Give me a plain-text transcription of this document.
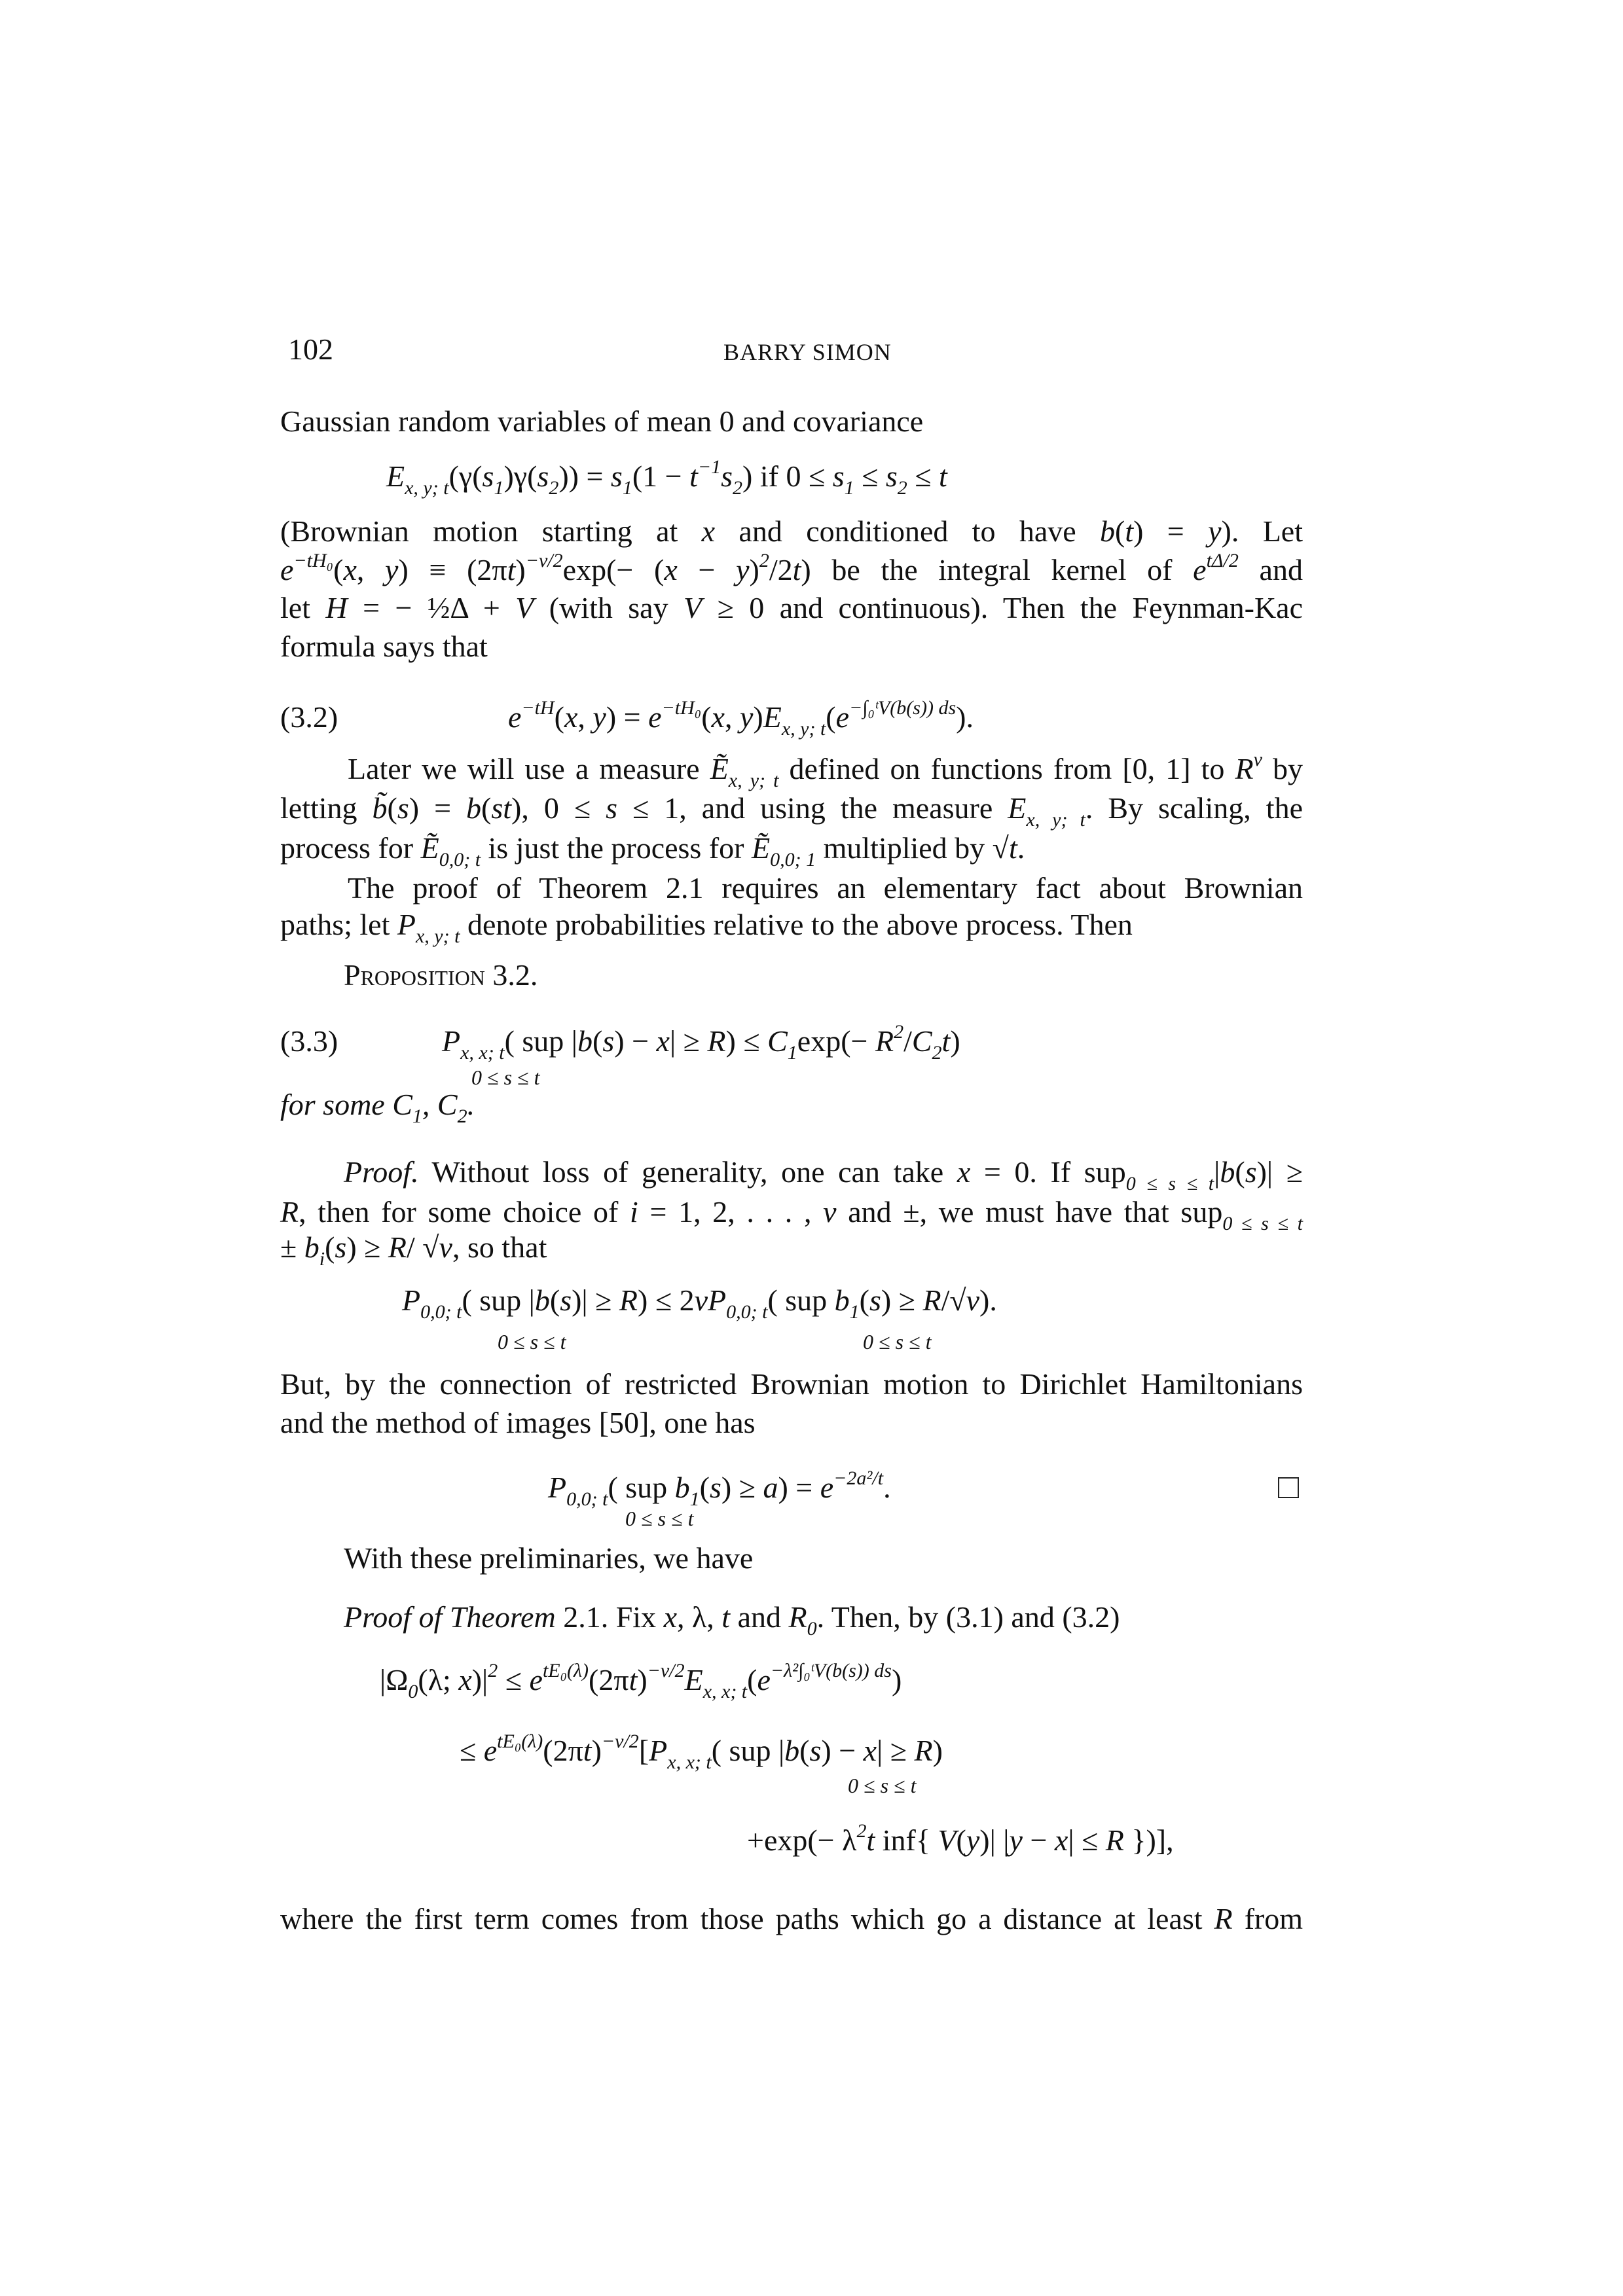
102	BARRY SIMON
Gaussian random variables of mean 0 and covariance
$E_{x, y; t}(\gamma(s_1)\gamma(s_2)) = s_1(1 - t^{-1}s_2)$ if $0 \le s_1 \le s_2 \le t$
(Brownian motion starting at x and conditioned to have b(t) = y). Let
$e^{-tH_0}(x$, $y) \equiv (2\pi t)^{-\nu/2}\exp(- (x - y)^2/2t)$ be the integral kernel of $e^{t\Delta/2}$ and
let H = − ½Δ + V (with say V ≥ 0 and continuous). Then the Feynman-Kac
formula says that
(3.2)	$e^{-tH}(x$, $y) = e^{-tH_0}(x$, $y)E_{x, y; t}(e^{-\int_0ᵗV(b(s)) ds})$.
Later we will use a measure Ẽ$_{x, y; t}$ defined on functions from [0, 1] to $R^\nu$ by
letting b̃(s) = b(st), 0 ≤ s ≤ 1, and using the measure $E_{x, y; t}$. By scaling, the
process for Ẽ$_{0,0; t}$ is just the process for Ẽ$_{0,0; 1}$ multiplied by √t.
The proof of Theorem 2.1 requires an elementary fact about Brownian
paths; let $P_{x, y; t}$ denote probabilities relative to the above process. Then
Proposition 3.2.
(3.3)	$P_{x, x; t}$( sup $|b(s) - x| \ge R) \le C_1\exp(- R^2/C_2t)$
0 ≤ s ≤ t
for some $C_1$, $C_2$.
Proof. Without loss of generality, one can take x = 0. If sup$_{0 \le s \le t}$|b(s)| ≥
R, then for some choice of i = 1, 2, . . . , ν and ±, we must have that sup$_{0 \le s \le t}$
± $b_i(s) \ge R/$ √ν, so that
$P_{0,0; t}$( sup $|b(s)| \ge R) \le 2\nu P_{0,0; t}$( sup $b_1(s) \ge R/√\nu$).
0 ≤ s ≤ t	0 ≤ s ≤ t
But, by the connection of restricted Brownian motion to Dirichlet Hamiltonians
and the method of images [50], one has
$P_{0,0; t}$( sup $b_1(s) \ge a) = e^{-2a^2/t}$.
0 ≤ s ≤ t
With these preliminaries, we have
Proof of Theorem 2.1. Fix x, λ, t and $R_0$. Then, by (3.1) and (3.2)
$|\Omega_0(\lambda$; $x)|^2 \le e^{tE_0(\lambda)}(2\pi t)^{-\nu/2}E_{x, x; t}(e^{-\lambda^2\int_0ᵗV(b(s)) ds})$
≤ $e^{tE_0(\lambda)}(2\pi t)^{-\nu/2}[P_{x, x; t}$( sup |b(s) − x| ≥ R)
0 ≤ s ≤ t
$+\exp(- \lambda^2t$ inf{ V(y)| |y − x| ≤ R })],
where the first term comes from those paths which go a distance at least R from
